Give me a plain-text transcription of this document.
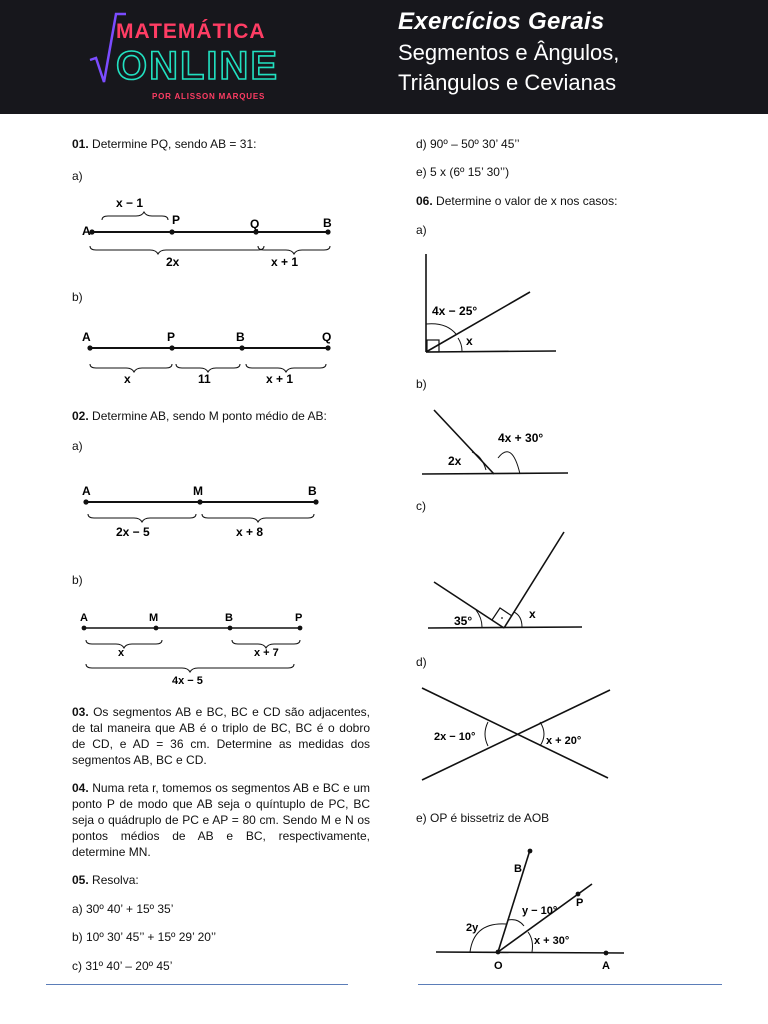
MATEMÁTICA
ONLINE
POR ALISSON MARQUES
Exercícios Gerais
Segmentos e Ângulos,
Triângulos e Cevianas
01. Determine PQ, sendo AB = 31:
a)
A
P	Q	B
x − 1
2x	x + 1
b)
A	P	B	Q
x	11	x + 1
02. Determine AB, sendo M ponto médio de AB:
a)
A	M	B
2x − 5	x + 8
b)
A	M	B	P
x	x + 7
4x − 5
03. Os segmentos AB e BC, BC e CD são adjacentes, de tal maneira que AB é o triplo de BC, BC é o dobro de CD, e AD = 36 cm. Determine as medidas dos segmentos AB, BC e CD.
04. Numa reta r, tomemos os segmentos AB e BC e um ponto P de modo que AB seja o quíntuplo de PC, BC seja o quádruplo de PC e AP = 80 cm. Sendo M e N os pontos médios de AB e BC, respectivamente, determine MN.
05. Resolva:
a) 30º 40’ + 15º 35’
b) 10º 30’ 45’’ + 15º 29’ 20’’
c) 31º 40’ – 20º 45’
d) 90º – 50º 30’ 45’’
e) 5 x (6º 15’ 30’’)
06. Determine o valor de x nos casos:
a)
4x − 25°
x
b)
4x + 30°
2x
c)
35°	x
d)
2x − 10°	x + 20°
e) OP é bissetriz de AOB
B
P
O	A
2y
y − 10°
x + 30°
